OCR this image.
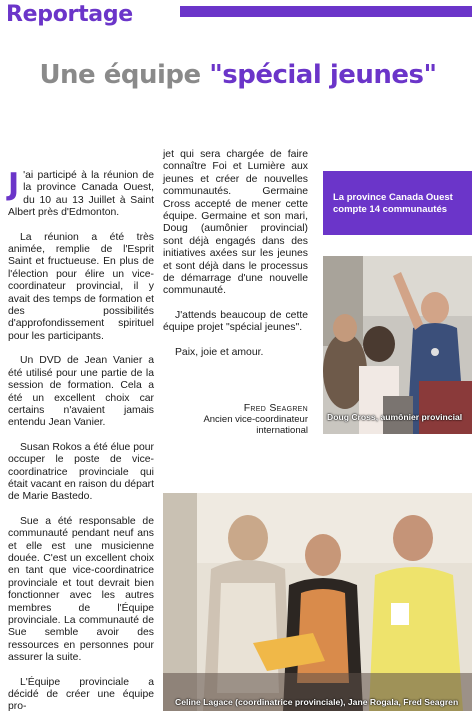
Reportage
Une équipe "spécial jeunes"

J 'ai participé à la réunion de la province Canada Ouest, du 10 au 13 Juillet à Saint Albert près d'Edmonton.

La réunion a été très animée, remplie de l'Esprit Saint et fructueuse. En plus de l'élection pour élire un vice-coordinateur provincial, il y avait des temps de formation et des possibilités d'approfondissement spirituel pour les participants.

Un DVD de Jean Vanier a été utilisé pour une partie de la session de formation. Cela a été un excellent choix car certains n'avaient jamais entendu Jean Vanier.

Susan Rokos a été élue pour occuper le poste de vice-coordinatrice provinciale qui était vacant en raison du départ de Marie Bastedo.

Sue a été responsable de communauté pendant neuf ans et elle est une musicienne douée. C'est un excellent choix en tant que vice-coordinatrice provinciale et tout devrait bien fonctionner avec les autres membres de l'Équipe provinciale. La communauté de Sue semble avoir des ressources en personnes pour assurer la suite.

L'Équipe provinciale a décidé de créer une équipe pro-

jet qui sera chargée de faire connaître Foi et Lumière aux jeunes et créer de nouvelles communautés. Germaine Cross accepté de mener cette équipe. Germaine et son mari, Doug (aumônier provincial) sont déjà engagés dans des initiatives axées sur les jeunes et sont déjà dans le processus de démarrage d'une nouvelle communauté.

J'attends beaucoup de cette équipe projet "spécial jeunes".

Paix, joie et amour.

Fred Seagren
Ancien vice-coordinateur international
La province Canada Ouest compte 14 communautés
Doug Cross, aumônier provincial
Celine Lagace (coordinatrice provinciale), Jane Rogala, Fred Seagren
